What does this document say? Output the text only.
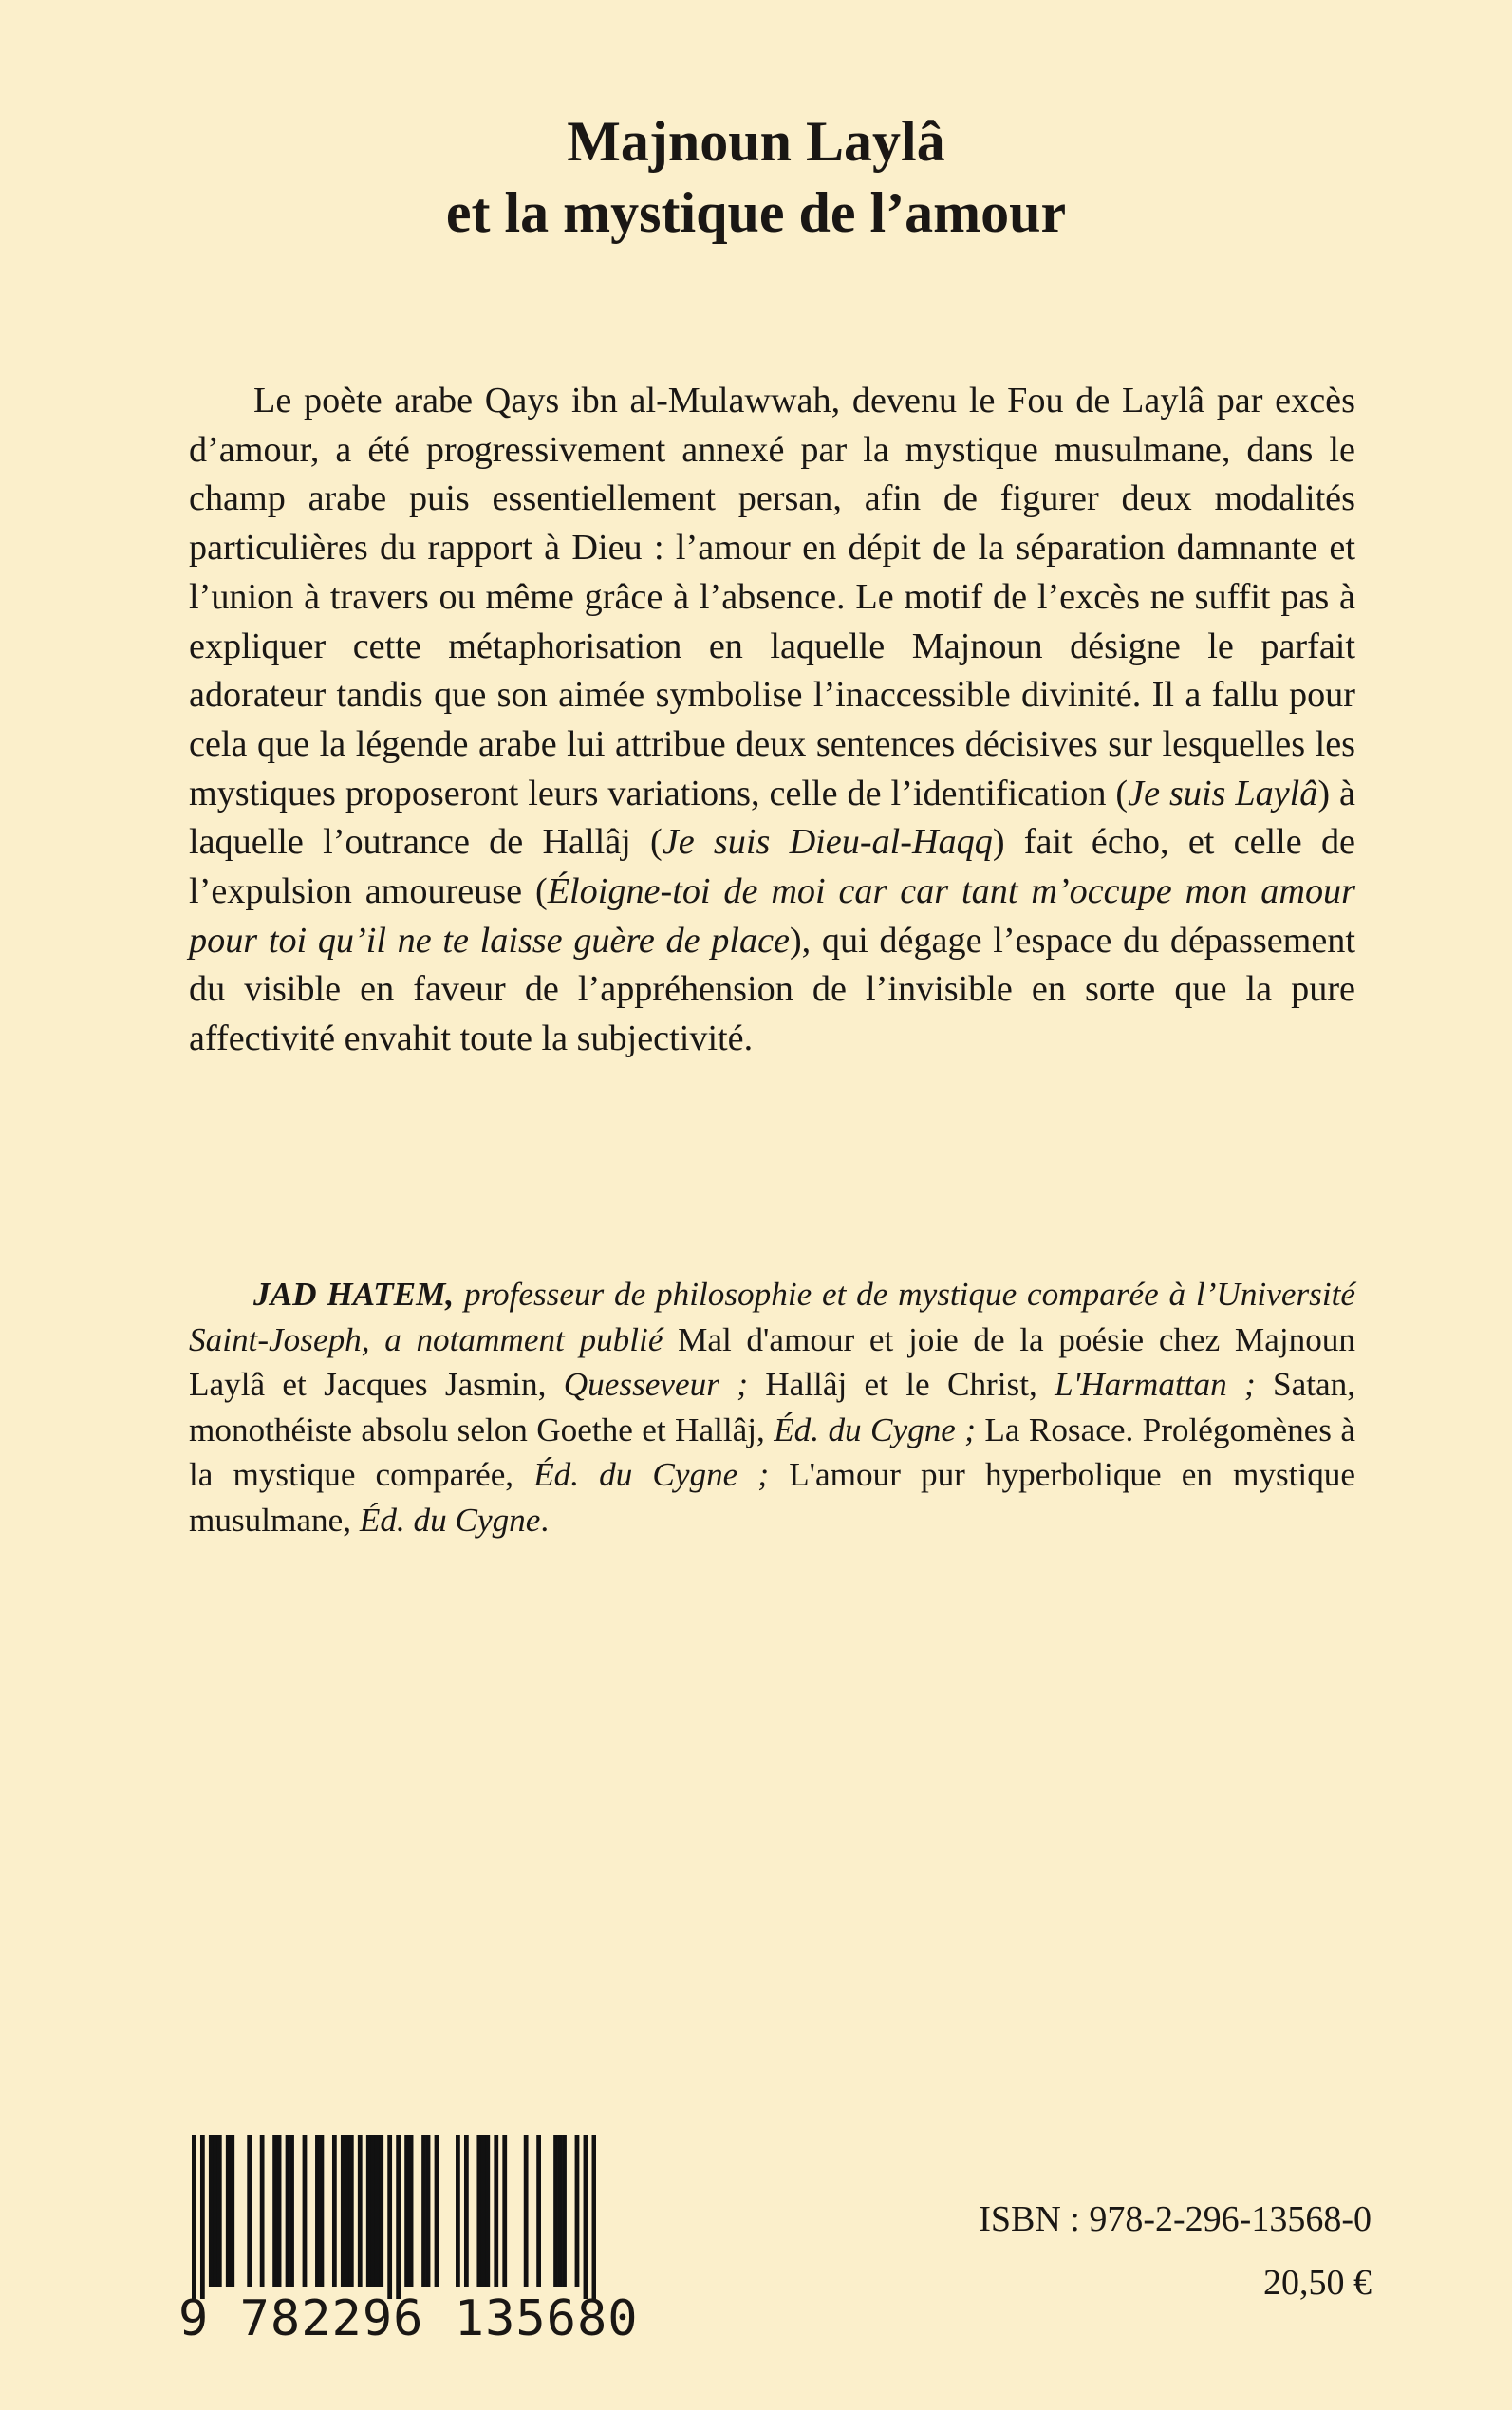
Majnoun Laylâ
et la mystique de l’amour

Le poète arabe Qays ibn al-Mulawwah, devenu le Fou de Laylâ par excès d’amour, a été progressivement annexé par la mystique musulmane, dans le champ arabe puis essentiellement persan, afin de figurer deux modalités particulières du rapport à Dieu : l’amour en dépit de la séparation damnante et l’union à travers ou même grâce à l’absence. Le motif de l’excès ne suffit pas à expliquer cette métaphorisation en laquelle Majnoun désigne le parfait adorateur tandis que son aimée symbolise l’inaccessible divinité. Il a fallu pour cela que la légende arabe lui attribue deux sentences décisives sur lesquelles les mystiques proposeront leurs variations, celle de l’identification (Je suis Laylâ) à laquelle l’outrance de Hallâj (Je suis Dieu-al-Haqq) fait écho, et celle de l’expulsion amoureuse (Éloigne-toi de moi car car tant m’occupe mon amour pour toi qu’il ne te laisse guère de place), qui dégage l’espace du dépassement du visible en faveur de l’appréhension de l’invisible en sorte que la pure affectivité envahit toute la subjectivité.

JAD HATEM, professeur de philosophie et de mystique comparée à l’Université Saint-Joseph, a notamment publié Mal d'amour et joie de la poésie chez Majnoun Laylâ et Jacques Jasmin, Quesseveur ; Hallâj et le Christ, L'Harmattan ; Satan, monothéiste absolu selon Goethe et Hallâj, Éd. du Cygne ; La Rosace. Prolégomènes à la mystique comparée, Éd. du Cygne ; L'amour pur hyperbolique en mystique musulmane, Éd. du Cygne.

9 782296 135680

ISBN : 978-2-296-13568-0

20,50 €
